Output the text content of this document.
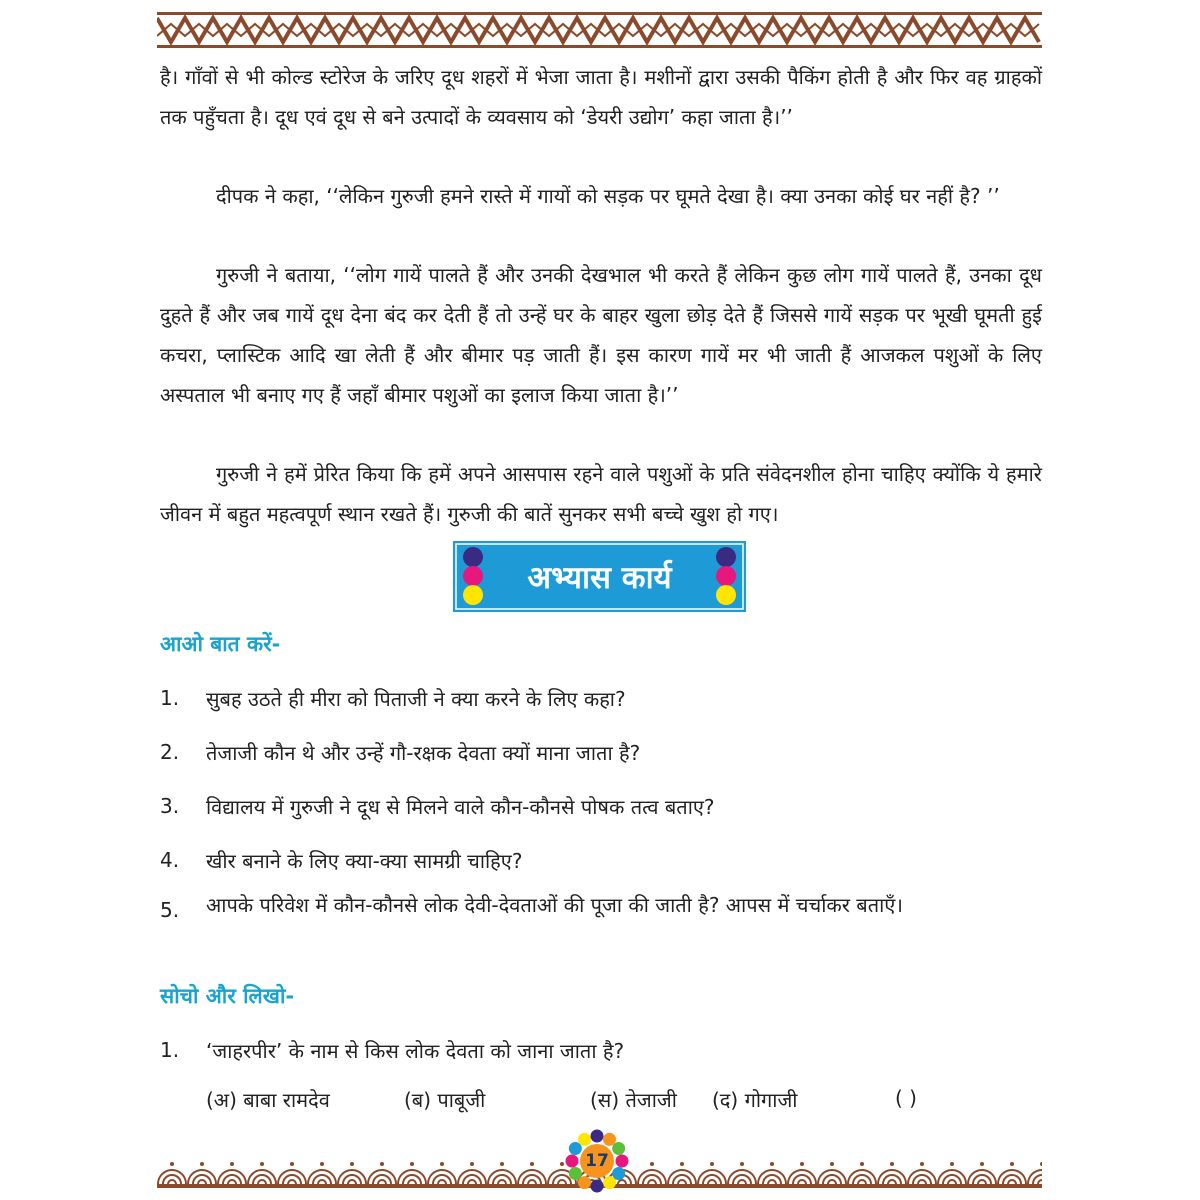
है। गाँवों से भी कोल्ड स्टोरेज के जरिए दूध शहरों में भेजा जाता है। मशीनों द्वारा उसकी पैकिंग होती है और फिर वह ग्राहकों तक पहुँचता है। दूध एवं दूध से बने उत्पादों के व्यवसाय को ‘डेयरी उद्योग’ कहा जाता है।’’

दीपक ने कहा, ‘‘लेकिन गुरुजी हमने रास्ते में गायों को सड़क पर घूमते देखा है। क्या उनका कोई घर नहीं है? ’’

गुरुजी ने बताया, ‘‘लोग गायें पालते हैं और उनकी देखभाल भी करते हैं लेकिन कुछ लोग गायें पालते हैं, उनका दूध दुहते हैं और जब गायें दूध देना बंद कर देती हैं तो उन्हें घर के बाहर खुला छोड़ देते हैं जिससे गायें सड़क पर भूखी घूमती हुई कचरा, प्लास्टिक आदि खा लेती हैं और बीमार पड़ जाती हैं। इस कारण गायें मर भी जाती हैं आजकल पशुओं के लिए अस्पताल भी बनाए गए हैं जहाँ बीमार पशुओं का इलाज किया जाता है।’’

गुरुजी ने हमें प्रेरित किया कि हमें अपने आसपास रहने वाले पशुओं के प्रति संवेदनशील होना चाहिए क्योंकि ये हमारे जीवन में बहुत महत्वपूर्ण स्थान रखते हैं। गुरुजी की बातें सुनकर सभी बच्चे खुश हो गए।

अभ्यास कार्य
आओ बात करें-
1. सुबह उठते ही मीरा को पिताजी ने क्या करने के लिए कहा?
2. तेजाजी कौन थे और उन्हें गौ-रक्षक देवता क्यों माना जाता है?
3. विद्यालय में गुरुजी ने दूध से मिलने वाले कौन-कौनसे पोषक तत्व बताए?
4. खीर बनाने के लिए क्या-क्या सामग्री चाहिए?
5. आपके परिवेश में कौन-कौनसे लोक देवी-देवताओं की पूजा की जाती है? आपस में चर्चाकर बताएँ।
सोचो और लिखो-
1. ‘जाहरपीर’ के नाम से किस लोक देवता को जाना जाता है?
(अ) बाबा रामदेव	(ब) पाबूजी	(स) तेजाजी (द) गोगाजी	( )
17
